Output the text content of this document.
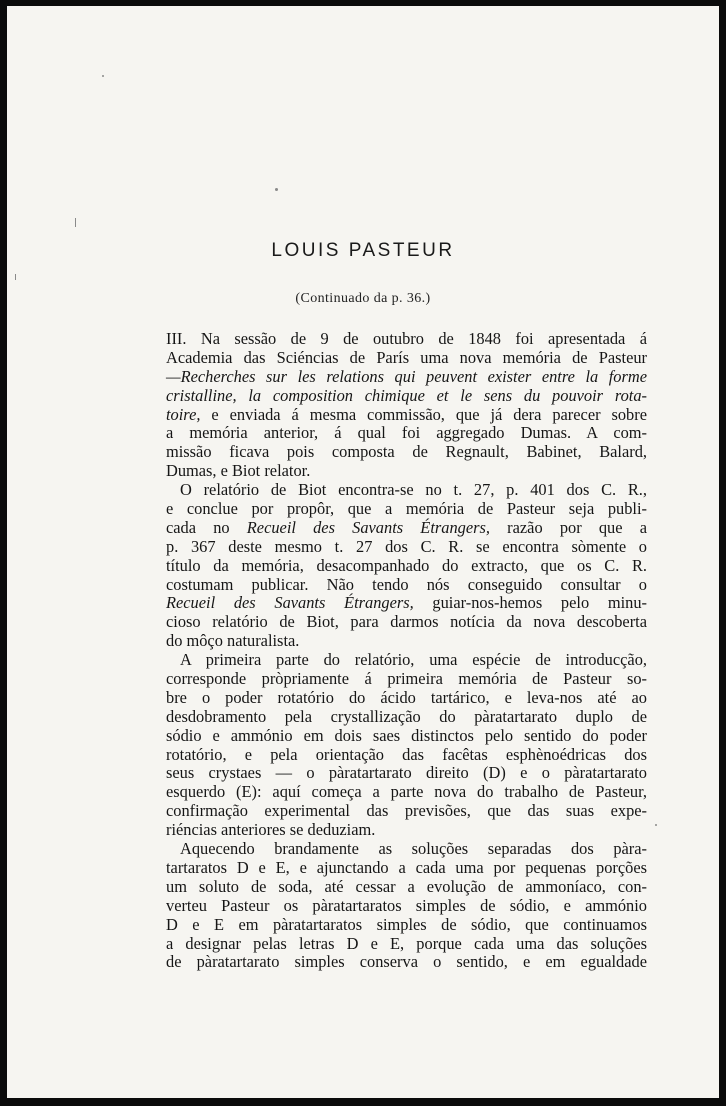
LOUIS PASTEUR
(Continuado da p. 36.)
III. Na sessão de 9 de outubro de 1848 foi apresentada á
Academia das Sciéncias de París uma nova memória de Pasteur
—Recherches sur les relations qui peuvent exister entre la forme
cristalline, la composition chimique et le sens du pouvoir rota-
toire, e enviada á mesma commissão, que já dera parecer sobre
a memória anterior, á qual foi aggregado Dumas. A com-
missão ficava pois composta de Regnault, Babinet, Balard,
Dumas, e Biot relator.
O relatório de Biot encontra-se no t. 27, p. 401 dos C. R.,
e conclue por propôr, que a memória de Pasteur seja publi-
cada no Recueil des Savants Étrangers, razão por que a
p. 367 deste mesmo t. 27 dos C. R. se encontra sòmente o
título da memória, desacompanhado do extracto, que os C. R.
costumam publicar. Não tendo nós conseguido consultar o
Recueil des Savants Étrangers, guiar-nos-hemos pelo minu-
cioso relatório de Biot, para darmos notícia da nova descoberta
do môço naturalista.
A primeira parte do relatório, uma espécie de introducção,
corresponde pròpriamente á primeira memória de Pasteur so-
bre o poder rotatório do ácido tartárico, e leva-nos até ao
desdobramento pela crystallização do pàratartarato duplo de
sódio e ammónio em dois saes distinctos pelo sentido do poder
rotatório, e pela orientação das facêtas esphènoédricas dos
seus crystaes — o pàratartarato direito (D) e o pàratartarato
esquerdo (E): aquí começa a parte nova do trabalho de Pasteur,
confirmação experimental das previsões, que das suas expe-
riéncias anteriores se deduziam.
Aquecendo brandamente as soluções separadas dos pàra-
tartaratos D e E, e ajunctando a cada uma por pequenas porções
um soluto de soda, até cessar a evolução de ammoníaco, con-
verteu Pasteur os pàratartaratos simples de sódio, e ammónio
D e E em pàratartaratos simples de sódio, que continuamos
a designar pelas letras D e E, porque cada uma das soluções
de pàratartarato simples conserva o sentido, e em egualdade
